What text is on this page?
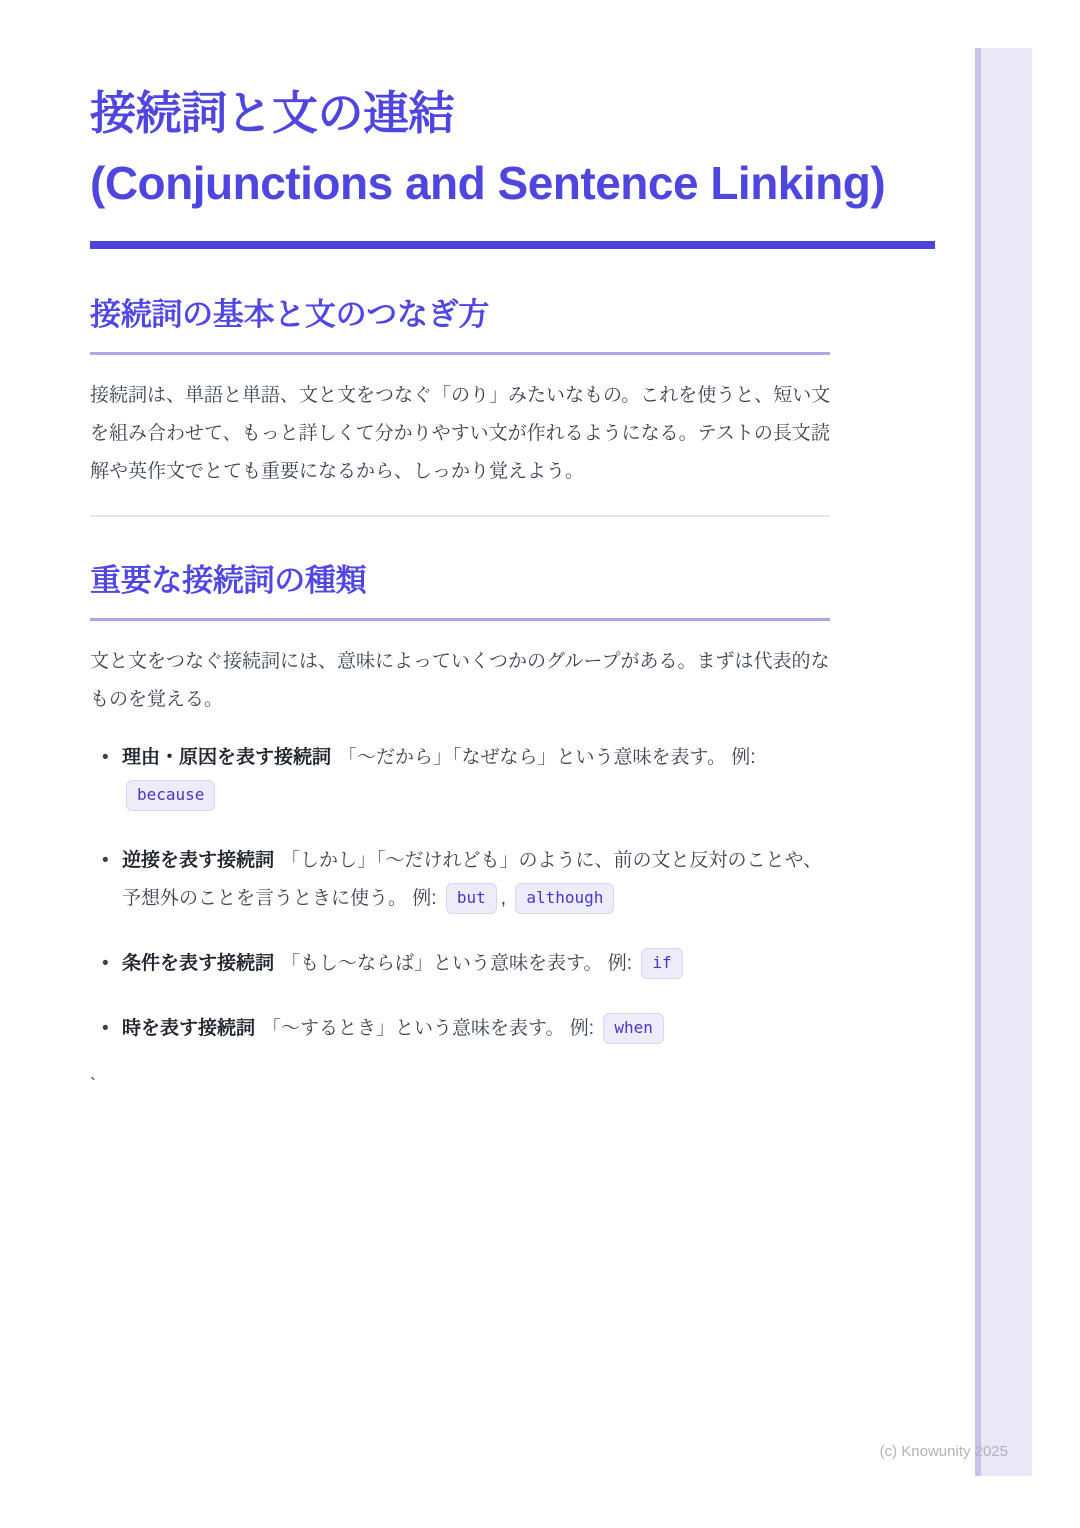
接続詞と文の連結
(Conjunctions and Sentence Linking)
接続詞の基本と文のつなぎ方

接続詞は、単語と単語、文と文をつなぐ「のり」みたいなもの。これを使うと、短い文を組み合わせて、もっと詳しくて分かりやすい文が作れるようになる。テストの長文読解や英作文でとても重要になるから、しっかり覚えよう。

重要な接続詞の種類

文と文をつなぐ接続詞には、意味によっていくつかのグループがある。まずは代表的なものを覚える。

• 理由・原因を表す接続詞 「〜だから」「なぜなら」という意味を表す。 例: because
• 逆接を表す接続詞 「しかし」「〜だけれども」のように、前の文と反対のことや、予想外のことを言うときに使う。 例: but , although
• 条件を表す接続詞 「もし〜ならば」という意味を表す。 例: if
• 時を表す接続詞 「〜するとき」という意味を表す。 例: when
`
(c) Knowunity 2025
